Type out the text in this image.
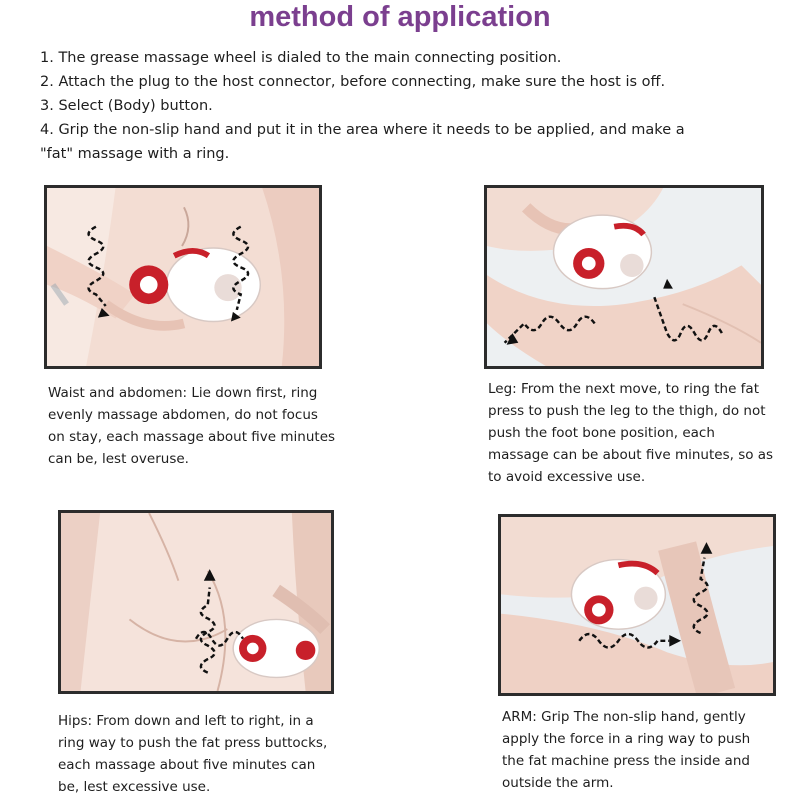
method of application

1. The grease massage wheel is dialed to the main connecting position.

2. Attach the plug to the host connector, before connecting, make sure the host is off.

3. Select (Body) button.

4. Grip the non-slip hand and put it in the area where it needs to be applied, and make a

"fat" massage with a ring.

Waist and abdomen: Lie down first, ring

evenly massage abdomen, do not focus

on stay, each massage about five minutes

can be, lest overuse.

Leg: From the next move, to ring the fat

press to push the leg to the thigh, do not

push the foot bone position, each

massage can be about five minutes, so as

to avoid excessive use.

Hips: From down and left to right, in a

ring way to push the fat press buttocks,

each massage about five minutes can

be, lest excessive use.

ARM: Grip The non-slip hand, gently

apply the force in a ring way to push

the fat machine press the inside and

outside the arm.
